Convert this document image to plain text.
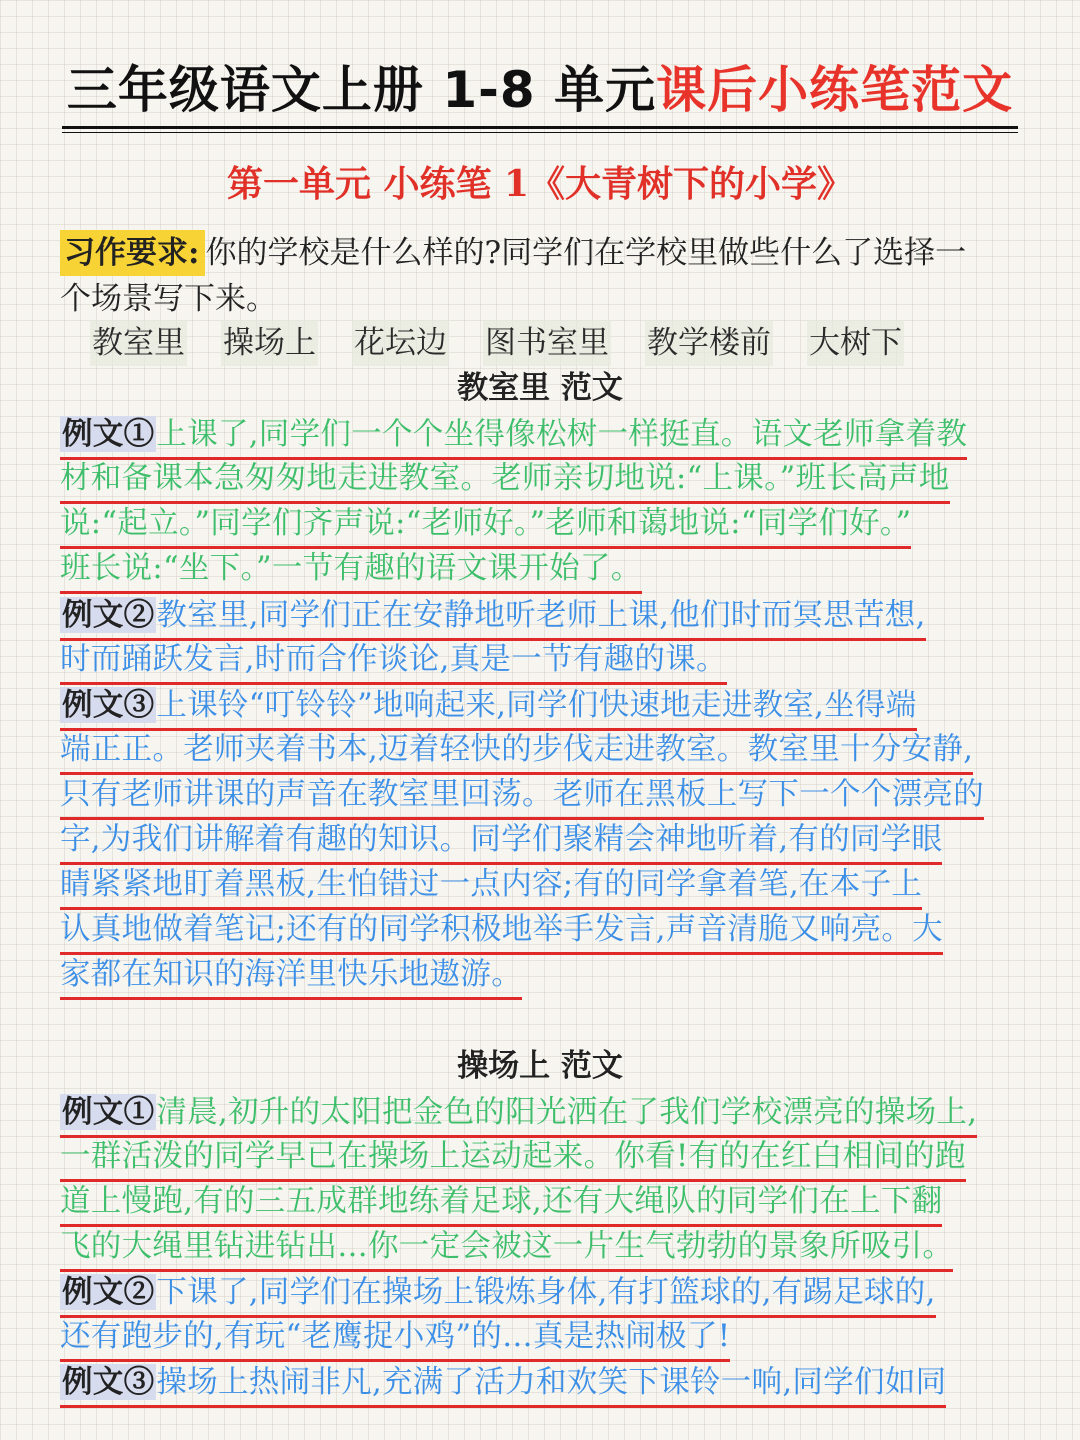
三年级语文上册 1-8 单元课后小练笔范文
第一单元 小练笔 1《大青树下的小学》
习作要求: 你的学校是什么样的?同学们在学校里做些什么了选择一
个场景写下来。
教室里 操场上 花坛边 图书室里 教学楼前 大树下
教室里 范文
例文①上课了,同学们一个个坐得像松树一样挺直。语文老师拿着教
材和备课本急匆匆地走进教室。老师亲切地说:“上课。”班长高声地
说:“起立。”同学们齐声说:“老师好。”老师和蔼地说:“同学们好。”
班长说:“坐下。”一节有趣的语文课开始了。
例文②教室里,同学们正在安静地听老师上课,他们时而冥思苦想,
时而踊跃发言,时而合作谈论,真是一节有趣的课。
例文③上课铃“叮铃铃”地响起来,同学们快速地走进教室,坐得端
端正正。老师夹着书本,迈着轻快的步伐走进教室。教室里十分安静,
只有老师讲课的声音在教室里回荡。老师在黑板上写下一个个漂亮的
字,为我们讲解着有趣的知识。同学们聚精会神地听着,有的同学眼
睛紧紧地盯着黑板,生怕错过一点内容;有的同学拿着笔,在本子上
认真地做着笔记;还有的同学积极地举手发言,声音清脆又响亮。大
家都在知识的海洋里快乐地遨游。
操场上 范文
例文①清晨,初升的太阳把金色的阳光洒在了我们学校漂亮的操场上,
一群活泼的同学早已在操场上运动起来。你看!有的在红白相间的跑
道上慢跑,有的三五成群地练着足球,还有大绳队的同学们在上下翻
飞的大绳里钻进钻出…你一定会被这一片生气勃勃的景象所吸引。
例文②下课了,同学们在操场上锻炼身体,有打篮球的,有踢足球的,
还有跑步的,有玩“老鹰捉小鸡”的…真是热闹极了!
例文③操场上热闹非凡,充满了活力和欢笑下课铃一响,同学们如同
